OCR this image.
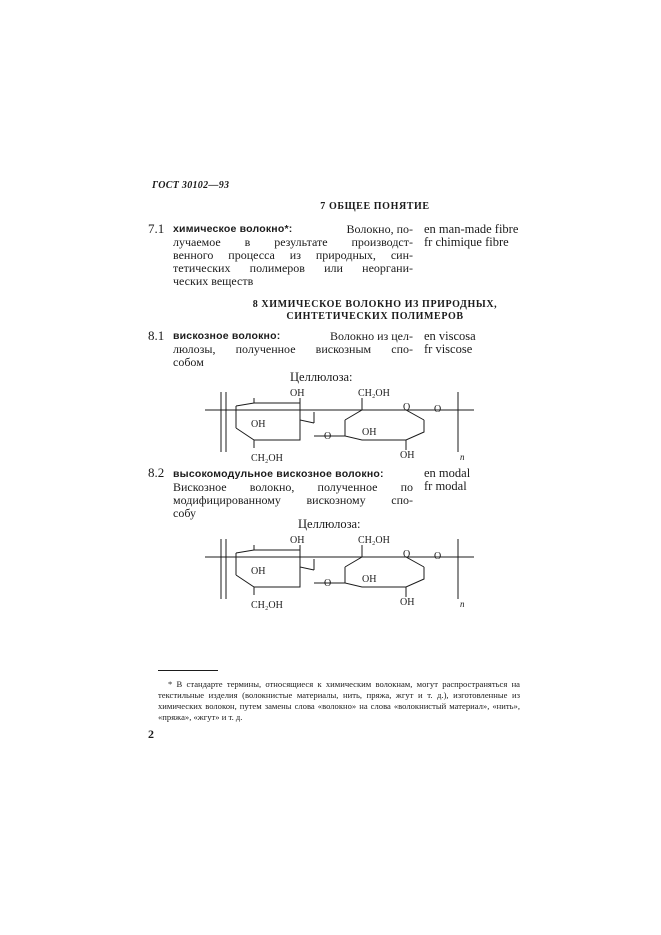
ГОСТ 30102—93
7 ОБЩЕЕ ПОНЯТИЕ
7.1 химическое волокно*:	Волокно, по-
лучаемое в результате производст-
венного процесса из природных, син-
тетических полимеров или неоргани-
ческих веществ
en man-made fibre
fr chimique fibre
8 ХИМИЧЕСКОЕ ВОЛОКНО ИЗ ПРИРОДНЫХ,
СИНТЕТИЧЕСКИХ ПОЛИМЕРОВ
8.1 вискозное волокно:	Волокно из цел-
люлозы, полученное вискозным спо-
собом
en viscosa
fr viscose
Целлюлоза:
OH	CH₂OH
OH
CH₂OH
O	OH
O O
OH	n
8.2 высокомодульное вискозное волокно:
Вискозное волокно, полученное по
модифицированному вискозному спо-
собу
en modal
fr modal
Целлюлоза:
OH	CH₂OH
OH
CH₂OH
O	OH
O O
OH	n
* В стандарте термины, относящиеся к химическим волокнам, могут распространяться на текстильные изделия (волокнистые материалы, нить, пряжа, жгут и т. д.), изготовленные из химических волокон, путем замены слова «волокно» на слова «волокнистый материал», «нить», «пряжа», «жгут» и т. д.
2
